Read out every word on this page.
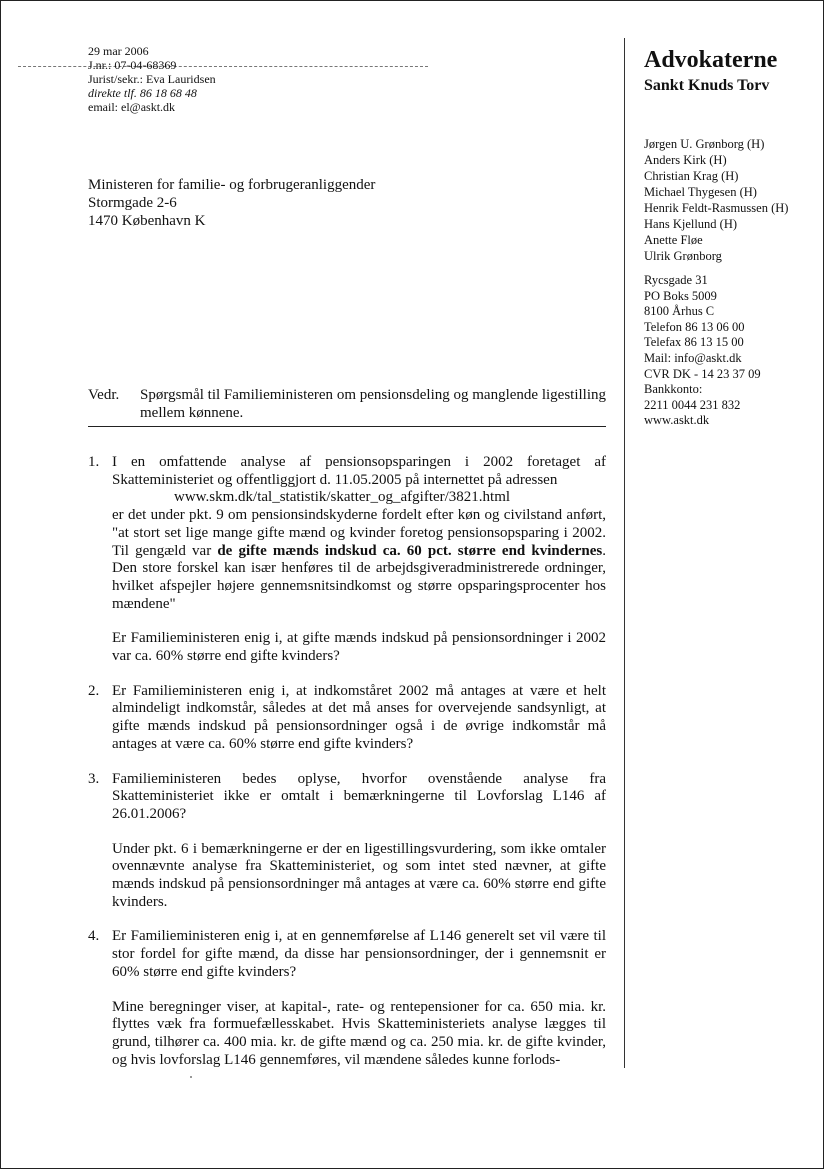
29 mar 2006
J.nr.: 07-04-68369
Jurist/sekr.: Eva Lauridsen
direkte tlf. 86 18 68 48
email: el@askt.dk
Ministeren for familie- og forbrugeranliggender
Stormgade 2-6
1470 København K
Advokaterne
Sankt Knuds Torv
Jørgen U. Grønborg (H)
Anders Kirk (H)
Christian Krag (H)
Michael Thygesen (H)
Henrik Feldt-Rasmussen (H)
Hans Kjellund (H)
Anette Fløe
Ulrik Grønborg
Rycsgade 31
PO Boks 5009
8100 Århus C
Telefon 86 13 06 00
Telefax 86 13 15 00
Mail: info@askt.dk
CVR DK - 14 23 37 09
Bankkonto:
2211 0044 231 832
www.askt.dk
Vedr. Spørgsmål til Familieministeren om pensionsdeling og manglende ligestilling mellem kønnene.
1. I en omfattende analyse af pensionsopsparingen i 2002 foretaget af Skatteministeriet og offentliggjort d. 11.05.2005 på internettet på adressen
www.skm.dk/tal_statistik/skatter_og_afgifter/3821.html
er det under pkt. 9 om pensionsindskyderne fordelt efter køn og civilstand anført, "at stort set lige mange gifte mænd og kvinder foretog pensionsopsparing i 2002. Til gengæld var de gifte mænds indskud ca. 60 pct. større end kvindernes. Den store forskel kan især henføres til de arbejdsgiveradministrerede ordninger, hvilket afspejler højere gennemsnitsindkomst og større opsparingsprocenter hos mændene"

Er Familieministeren enig i, at gifte mænds indskud på pensionsordninger i 2002 var ca. 60% større end gifte kvinders?

2. Er Familieministeren enig i, at indkomståret 2002 må antages at være et helt almindeligt indkomstår, således at det må anses for overvejende sandsynligt, at gifte mænds indskud på pensionsordninger også i de øvrige indkomstår må antages at være ca. 60% større end gifte kvinders?

3. Familieministeren bedes oplyse, hvorfor ovenstående analyse fra Skatteministeriet ikke er omtalt i bemærkningerne til Lovforslag L146 af 26.01.2006?

Under pkt. 6 i bemærkningerne er der en ligestillingsvurdering, som ikke omtaler ovennævnte analyse fra Skatteministeriet, og som intet sted nævner, at gifte mænds indskud på pensionsordninger må antages at være ca. 60% større end gifte kvinders.

4. Er Familieministeren enig i, at en gennemførelse af L146 generelt set vil være til stor fordel for gifte mænd, da disse har pensionsordninger, der i gennemsnit er 60% større end gifte kvinders?

Mine beregninger viser, at kapital-, rate- og rentepensioner for ca. 650 mia. kr. flyttes væk fra formuefællesskabet. Hvis Skatteministeriets analyse lægges til grund, tilhører ca. 400 mia. kr. de gifte mænd og ca. 250 mia. kr. de gifte kvinder, og hvis lovforslag L146 gennemføres, vil mændene således kunne forlods-
